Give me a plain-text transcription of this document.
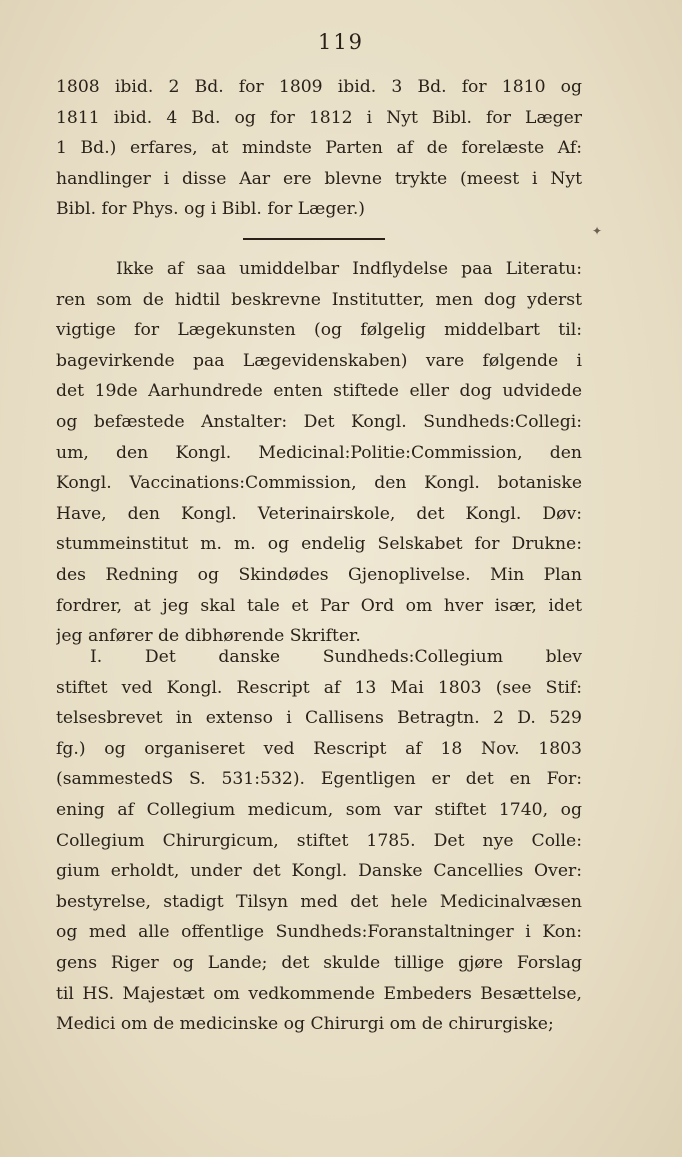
119
1808 ibid. 2 Bd. for 1809 ibid. 3 Bd. for 1810 og
1811 ibid. 4 Bd. og for 1812 i Nyt Bibl. for Læger
1 Bd.) erfares, at mindste Parten af de forelæste Af:
handlinger i disse Aar ere blevne trykte (meest i Nyt
Bibl. for Phys. og i Bibl. for Læger.)
Ikke af saa umiddelbar Indflydelse paa Literatu:
ren som de hidtil beskrevne Institutter, men dog yderst
vigtige for Lægekunsten (og følgelig middelbart til:
bagevirkende paa Lægevidenskaben) vare følgende i
det 19de Aarhundrede enten stiftede eller dog udvidede
og befæstede Anstalter: Det Kongl. Sundheds:Collegi:
um, den Kongl. Medicinal:Politie:Commission, den
Kongl. Vaccinations:Commission, den Kongl. botaniske
Have, den Kongl. Veterinairskole, det Kongl. Døv:
stummeinstitut m. m. og endelig Selskabet for Drukne:
des Redning og Skindødes Gjenoplivelse. Min Plan
fordrer, at jeg skal tale et Par Ord om hver især, idet
jeg anfører de dibhørende Skrifter.
I. Det danske Sundheds:Collegium blev
stiftet ved Kongl. Rescript af 13 Mai 1803 (see Stif:
telsesbrevet in extenso i Callisens Betragtn. 2 D. 529
fg.) og organiseret ved Rescript af 18 Nov. 1803
(sammestedS S. 531:532). Egentligen er det en For:
ening af Collegium medicum, som var stiftet 1740, og
Collegium Chirurgicum, stiftet 1785. Det nye Colle:
gium erholdt, under det Kongl. Danske Cancellies Over:
bestyrelse, stadigt Tilsyn med det hele Medicinalvæsen
og med alle offentlige Sundheds:Foranstaltninger i Kon:
gens Riger og Lande; det skulde tillige gjøre Forslag
til HS. Majestæt om vedkommende Embeders Besættelse,
Medici om de medicinske og Chirurgi om de chirurgiske;
✦
